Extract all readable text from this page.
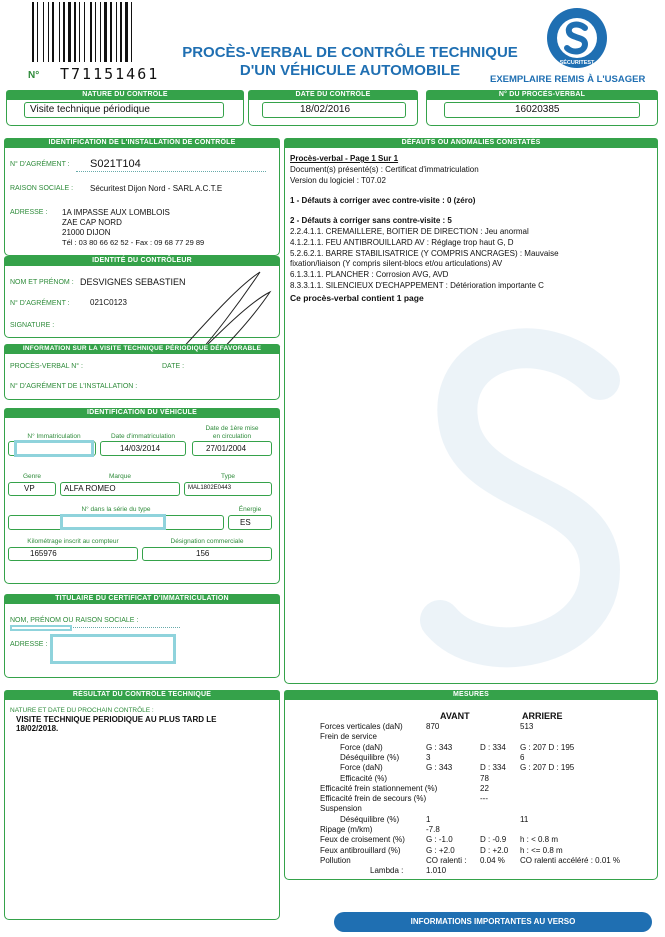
N° T71151461
PROCÈS-VERBAL DE CONTRÔLE TECHNIQUE
D'UN VÉHICULE AUTOMOBILE
EXEMPLAIRE REMIS À L'USAGER
SÉCURITEST
NATURE DU CONTRÔLE
Visite technique périodique
DATE DU CONTRÔLE
18/02/2016
N° DU PROCÈS-VERBAL
16020385
IDENTIFICATION DE L'INSTALLATION DE CONTRÔLE
N° D'AGRÉMENT : S021T104
RAISON SOCIALE : Sécuritest Dijon Nord - SARL A.C.T.E
ADRESSE : 1A IMPASSE AUX LOMBLOIS
ZAE CAP NORD
21000 DIJON
Tél : 03 80 66 62 52 - Fax : 09 68 77 29 89
IDENTITÉ DU CONTRÔLEUR
NOM ET PRÉNOM : DESVIGNES SEBASTIEN
N° D'AGRÉMENT :	021C0123
SIGNATURE :
INFORMATION SUR LA VISITE TECHNIQUE PÉRIODIQUE DÉFAVORABLE
PROCÈS-VERBAL N° :	DATE :
N° D'AGRÉMENT DE L'INSTALLATION :
IDENTIFICATION DU VÉHICULE
N° Immatriculation	Date d'immatriculation
14/03/2014
Date de 1ère mise
en circulation
27/01/2004
Genre
VP
Marque
ALFA ROMEO
Type
MAL1802E0443
N° dans la série du type	Énergie
ES
Kilométrage inscrit au compteur
165976
Désignation commerciale
156
TITULAIRE DU CERTIFICAT D'IMMATRICULATION
NOM, PRÉNOM OU RAISON SOCIALE :
ADRESSE :
RÉSULTAT DU CONTRÔLE TECHNIQUE
NATURE ET DATE DU PROCHAIN CONTRÔLE :
VISITE TECHNIQUE PERIODIQUE AU PLUS TARD LE
18/02/2018.
DÉFAUTS OU ANOMALIES CONSTATÉS
Procès-verbal - Page 1 Sur 1
Document(s) présenté(s) : Certificat d'immatriculation
Version du logiciel : T07.02
1 - Défauts à corriger avec contre-visite : 0 (zéro)
2 - Défauts à corriger sans contre-visite : 5
2.2.4.1.1. CREMAILLERE, BOITIER DE DIRECTION : Jeu anormal
4.1.2.1.1. FEU ANTIBROUILLARD AV : Réglage trop haut G, D
5.2.6.2.1. BARRE STABILISATRICE (Y COMPRIS ANCRAGES) : Mauvaise
fixation/liaison (Y compris silent-blocs et/ou articulations) AV
6.1.3.1.1. PLANCHER : Corrosion AVG, AVD
8.3.3.1.1. SILENCIEUX D'ECHAPPEMENT : Détérioration importante C
Ce procès-verbal contient 1 page
MESURES
AVANT	ARRIERE
Forces verticales (daN)	870	513
Frein de service
Force (daN)	G : 343	D : 334 G : 207 D : 195
Déséquilibre (%)	3	6
Force (daN)	G : 343	D : 334 G : 207 D : 195
Efficacité (%)	78
Efficacité frein stationnement (%)	22
Efficacité frein de secours (%)	---
Suspension
Déséquilibre (%)	1	11
Ripage (m/km)	-7.8
Feux de croisement (%)	G : -1.0	D : -0.9 h : < 0.8 m
Feux antibrouillard (%)	G : +2.0	D : +2.0 h : <= 0.8 m
Pollution	CO ralenti : 0.04 % CO ralenti accéléré : 0.01 %
Lambda :	1.010
INFORMATIONS IMPORTANTES AU VERSO
